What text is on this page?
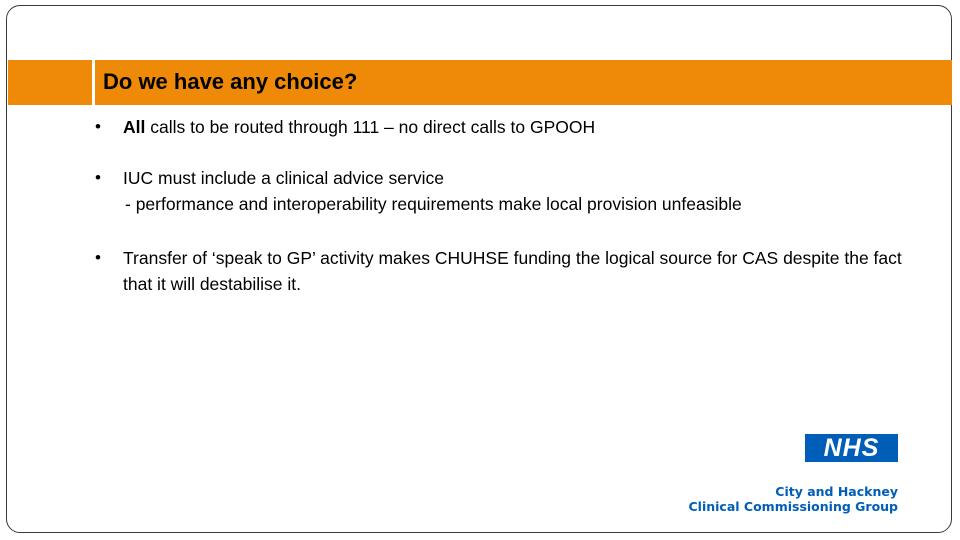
Do we have any choice?
• All calls to be routed through 111 – no direct calls to GPOOH
• IUC must include a clinical advice service
- performance and interoperability requirements make local provision unfeasible
• Transfer of ‘speak to GP’ activity makes CHUHSE funding the logical source for CAS despite the fact that it will destabilise it.
NHS
City and Hackney
Clinical Commissioning Group
